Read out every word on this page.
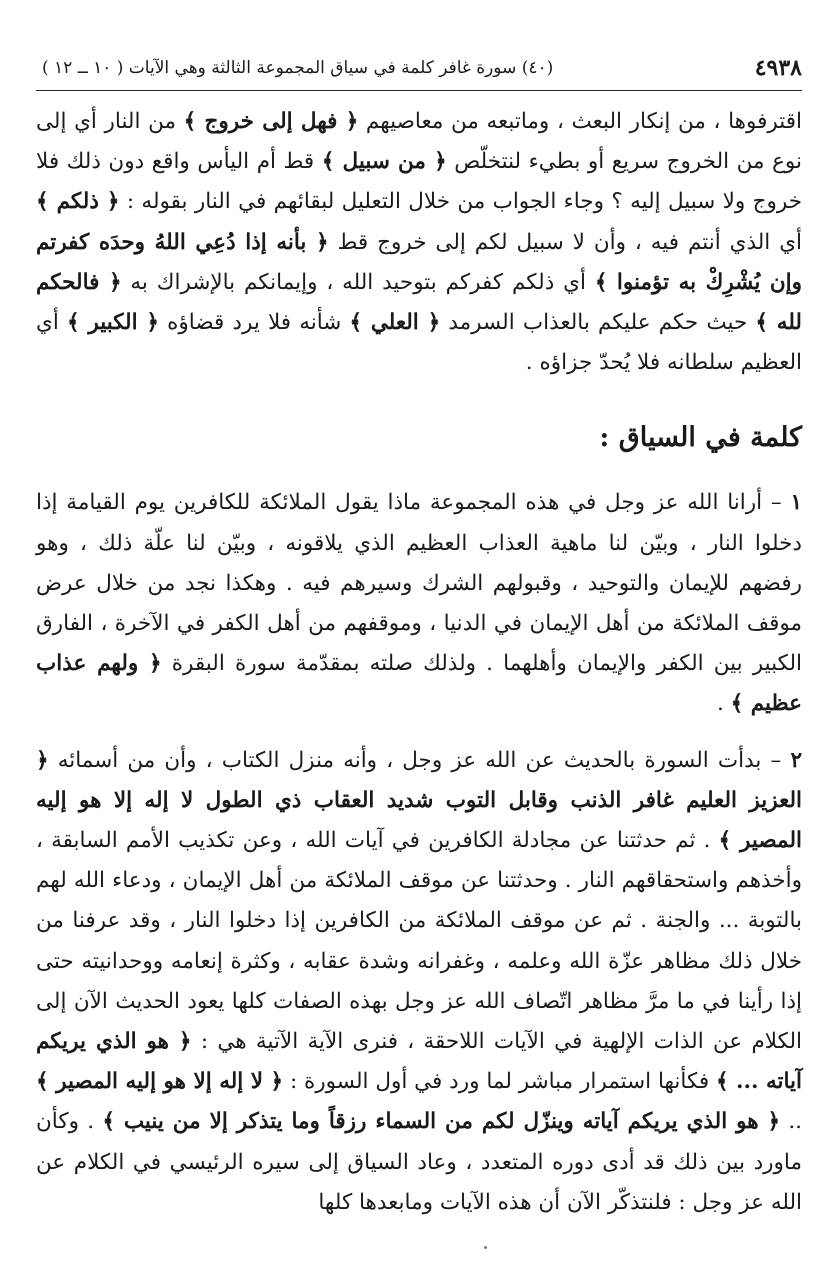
٤٩٣٨
(٤٠) سورة غافر كلمة في سياق المجموعة الثالثة وهي الآيات ( ١٠ ــ ١٢ )

اقترفوها ، من إنكار البعث ، وماتبعه من معاصيهم ﴿ فهل إلى خروج ﴾ من النار أي إلى نوع من الخروج سريع أو بطيء لنتخلّص ﴿ من سبيل ﴾ قط أم اليأس واقع دون ذلك فلا خروج ولا سبيل إليه ؟ وجاء الجواب من خلال التعليل لبقائهم في النار بقوله : ﴿ ذلكم ﴾ أي الذي أنتم فيه ، وأن لا سبيل لكم إلى خروج قط ﴿ بأنه إذا دُعِي اللهُ وحدَه كفرتم وإن يُشْرِكْ به تؤمنوا ﴾ أي ذلكم كفركم بتوحيد الله ، وإيمانكم بالإشراك به ﴿ فالحكم لله ﴾ حيث حكم عليكم بالعذاب السرمد ﴿ العلي ﴾ شأنه فلا يرد قضاؤه ﴿ الكبير ﴾ أي العظيم سلطانه فلا يُحدّ جزاؤه .

كلمة في السياق :

١ – أرانا الله عز وجل في هذه المجموعة ماذا يقول الملائكة للكافرين يوم القيامة إذا دخلوا النار ، وبيّن لنا ماهية العذاب العظيم الذي يلاقونه ، وبيّن لنا علّة ذلك ، وهو رفضهم للإيمان والتوحيد ، وقبولهم الشرك وسيرهم فيه . وهكذا نجد من خلال عرض موقف الملائكة من أهل الإيمان في الدنيا ، وموقفهم من أهل الكفر في الآخرة ، الفارق الكبير بين الكفر والإيمان وأهلهما . ولذلك صلته بمقدّمة سورة البقرة ﴿ ولهم عذاب عظيم ﴾ .

٢ – بدأت السورة بالحديث عن الله عز وجل ، وأنه منزل الكتاب ، وأن من أسمائه ﴿ العزيز العليم غافر الذنب وقابل التوب شديد العقاب ذي الطول لا إله إلا هو إليه المصير ﴾ . ثم حدثتنا عن مجادلة الكافرين في آيات الله ، وعن تكذيب الأمم السابقة ، وأخذهم واستحقاقهم النار . وحدثتنا عن موقف الملائكة من أهل الإيمان ، ودعاء الله لهم بالتوبة ... والجنة . ثم عن موقف الملائكة من الكافرين إذا دخلوا النار ، وقد عرفنا من خلال ذلك مظاهر عزّة الله وعلمه ، وغفرانه وشدة عقابه ، وكثرة إنعامه ووحدانيته حتى إذا رأينا في ما مرَّ مظاهر اتّصاف الله عز وجل بهذه الصفات كلها يعود الحديث الآن إلى الكلام عن الذات الإلهية في الآيات اللاحقة ، فنرى الآية الآتية هي : ﴿ هو الذي يريكم آياته ... ﴾ فكأنها استمرار مباشر لما ورد في أول السورة : ﴿ لا إله إلا هو إليه المصير ﴾ .. ﴿ هو الذي يريكم آياته وينزّل لكم من السماء رزقاً وما يتذكر إلا من ينيب ﴾ . وكأن ماورد بين ذلك قد أدى دوره المتعدد ، وعاد السياق إلى سيره الرئيسي في الكلام عن الله عز وجل : فلنتذكّر الآن أن هذه الآيات ومابعدها كلها
